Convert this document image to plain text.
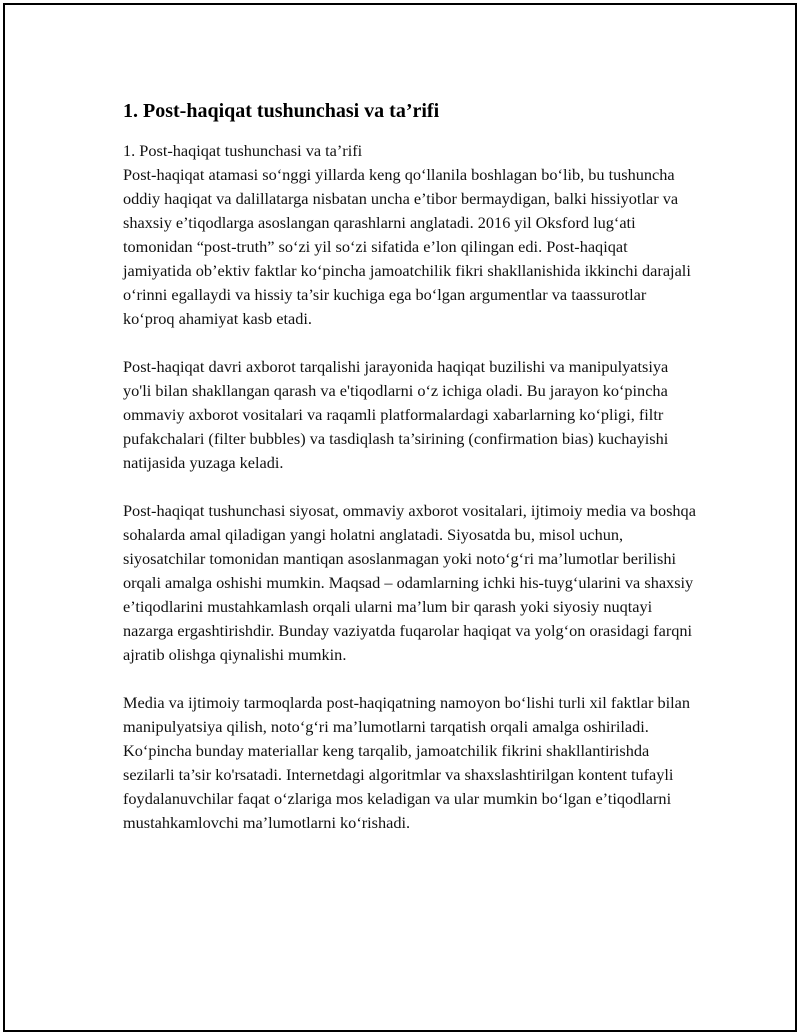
1. Post-haqiqat tushunchasi va ta’rifi

1. Post-haqiqat tushunchasi va ta’rifi

Post-haqiqat atamasi so‘nggi yillarda keng qo‘llanila boshlagan bo‘lib, bu tushuncha oddiy haqiqat va dalillatarga nisbatan uncha e’tibor bermaydigan, balki hissiyotlar va shaxsiy e’tiqodlarga asoslangan qarashlarni anglatadi. 2016 yil Oksford lug‘ati tomonidan “post-truth” so‘zi yil so‘zi sifatida e’lon qilingan edi. Post-haqiqat jamiyatida ob’ektiv faktlar ko‘pincha jamoatchilik fikri shakllanishida ikkinchi darajali o‘rinni egallaydi va hissiy ta’sir kuchiga ega bo‘lgan argumentlar va taassurotlar ko‘proq ahamiyat kasb etadi.

Post-haqiqat davri axborot tarqalishi jarayonida haqiqat buzilishi va manipulyatsiya yo'li bilan shakllangan qarash va e'tiqodlarni o‘z ichiga oladi. Bu jarayon ko‘pincha ommaviy axborot vositalari va raqamli platformalardagi xabarlarning ko‘pligi, filtr pufakchalari (filter bubbles) va tasdiqlash ta’sirining (confirmation bias) kuchayishi natijasida yuzaga keladi.

Post-haqiqat tushunchasi siyosat, ommaviy axborot vositalari, ijtimoiy media va boshqa sohalarda amal qiladigan yangi holatni anglatadi. Siyosatda bu, misol uchun, siyosatchilar tomonidan mantiqan asoslanmagan yoki noto‘g‘ri ma’lumotlar berilishi orqali amalga oshishi mumkin. Maqsad – odamlarning ichki his-tuyg‘ularini va shaxsiy e’tiqodlarini mustahkamlash orqali ularni ma’lum bir qarash yoki siyosiy nuqtayi nazarga ergashtirishdir. Bunday vaziyatda fuqarolar haqiqat va yolg‘on orasidagi farqni ajratib olishga qiynalishi mumkin.

Media va ijtimoiy tarmoqlarda post-haqiqatning namoyon bo‘lishi turli xil faktlar bilan manipulyatsiya qilish, noto‘g‘ri ma’lumotlarni tarqatish orqali amalga oshiriladi. Ko‘pincha bunday materiallar keng tarqalib, jamoatchilik fikrini shakllantirishda sezilarli ta’sir ko'rsatadi. Internetdagi algoritmlar va shaxslashtirilgan kontent tufayli foydalanuvchilar faqat o‘zlariga mos keladigan va ular mumkin bo‘lgan e’tiqodlarni mustahkamlovchi ma’lumotlarni ko‘rishadi.
